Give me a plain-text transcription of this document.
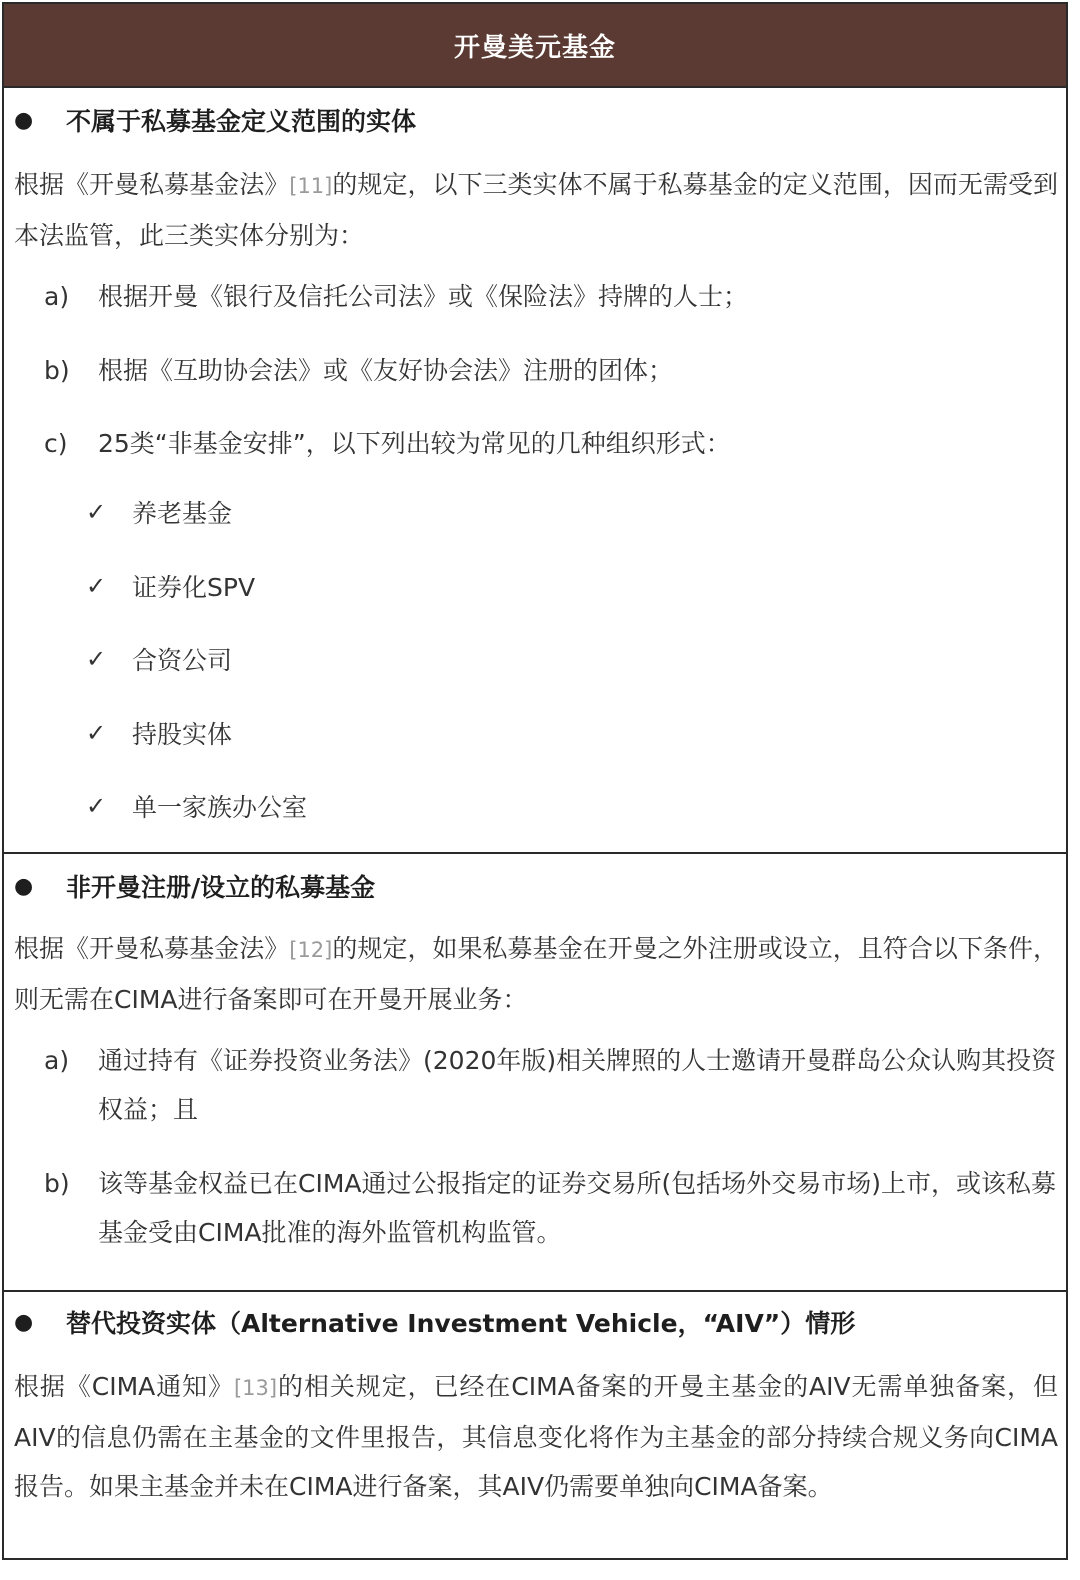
开曼美元基金
●	不属于私募基金定义范围的实体
根据《开曼私募基金法》[11]的规定，以下三类实体不属于私募基金的定义范围，因而无需受到本法监管，此三类实体分别为：
a)	根据开曼《银行及信托公司法》或《保险法》持牌的人士；
b)	根据《互助协会法》或《友好协会法》注册的团体；
c)	25类“非基金安排”，以下列出较为常见的几种组织形式：
✓	养老基金
✓	证券化SPV
✓	合资公司
✓	持股实体
✓	单一家族办公室
●	非开曼注册/设立的私募基金
根据《开曼私募基金法》[12]的规定，如果私募基金在开曼之外注册或设立，且符合以下条件，则无需在CIMA进行备案即可在开曼开展业务：
a)	通过持有《证券投资业务法》(2020年版)相关牌照的人士邀请开曼群岛公众认购其投资权益；且
b)	该等基金权益已在CIMA通过公报指定的证券交易所(包括场外交易市场)上市，或该私募基金受由CIMA批准的海外监管机构监管。
●	替代投资实体（Alternative Investment Vehicle，“AIV”）情形
根据《CIMA通知》[13]的相关规定，已经在CIMA备案的开曼主基金的AIV无需单独备案，但AIV的信息仍需在主基金的文件里报告，其信息变化将作为主基金的部分持续合规义务向CIMA报告。如果主基金并未在CIMA进行备案，其AIV仍需要单独向CIMA备案。
